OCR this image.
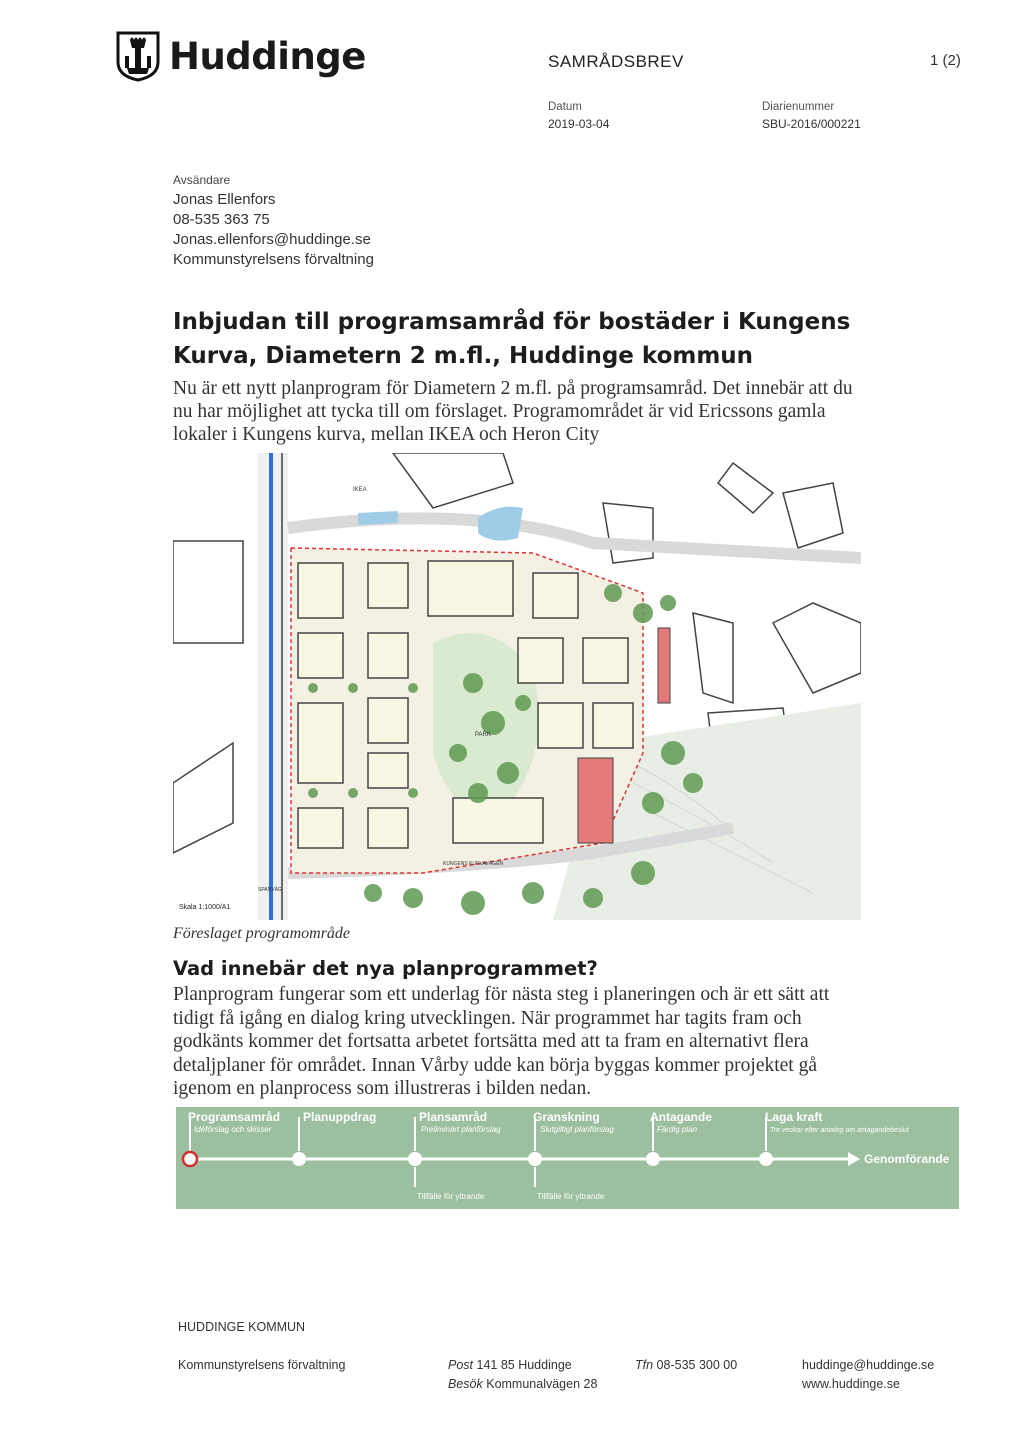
Huddinge	SAMRÅDSBREV	1 (2)
Datum
2019-03-04
Diarienummer
SBU-2016/000221
Avsändare
Jonas Ellenfors
08-535 363 75
Jonas.ellenfors@huddinge.se
Kommunstyrelsens förvaltning
Inbjudan till programsamråd för bostäder i Kungens Kurva, Diametern 2 m.fl., Huddinge kommun
Nu är ett nytt planprogram för Diametern 2 m.fl. på programsamråd. Det innebär att du nu har möjlighet att tycka till om förslaget. Programområdet är vid Ericssons gamla lokaler i Kungens kurva, mellan IKEA och Heron City
PARK
IKEA
KUNGENS KURVAVÄGEN
SPANVÄG
Skala 1:1000/A1
Föreslaget programområde
Vad innebär det nya planprogrammet?
Planprogram fungerar som ett underlag för nästa steg i planeringen och är ett sätt att tidigt få igång en dialog kring utvecklingen. När programmet har tagits fram och godkänts kommer det fortsatta arbetet fortsätta med att ta fram en alternativt flera detaljplaner för området. Innan Vårby udde kan börja byggas kommer projektet gå igenom en planprocess som illustreras i bilden nedan.
Programsamråd
Idéförslag och skisser
Planuppdrag	Plansamråd
Preliminärt planförslag
Granskning
Slutgiltigt planförslag
Antagande
Färdig plan
Laga kraft
Tre veckor efter antalog om antagandebeslut
Genomförande
Tillfälle för yttrande	Tillfälle för yttrande
HUDDINGE KOMMUN
Kommunstyrelsens förvaltning	Post 141 85 Huddinge
Besök Kommunalvägen 28
Tfn 08-535 300 00	huddinge@huddinge.se
www.huddinge.se
